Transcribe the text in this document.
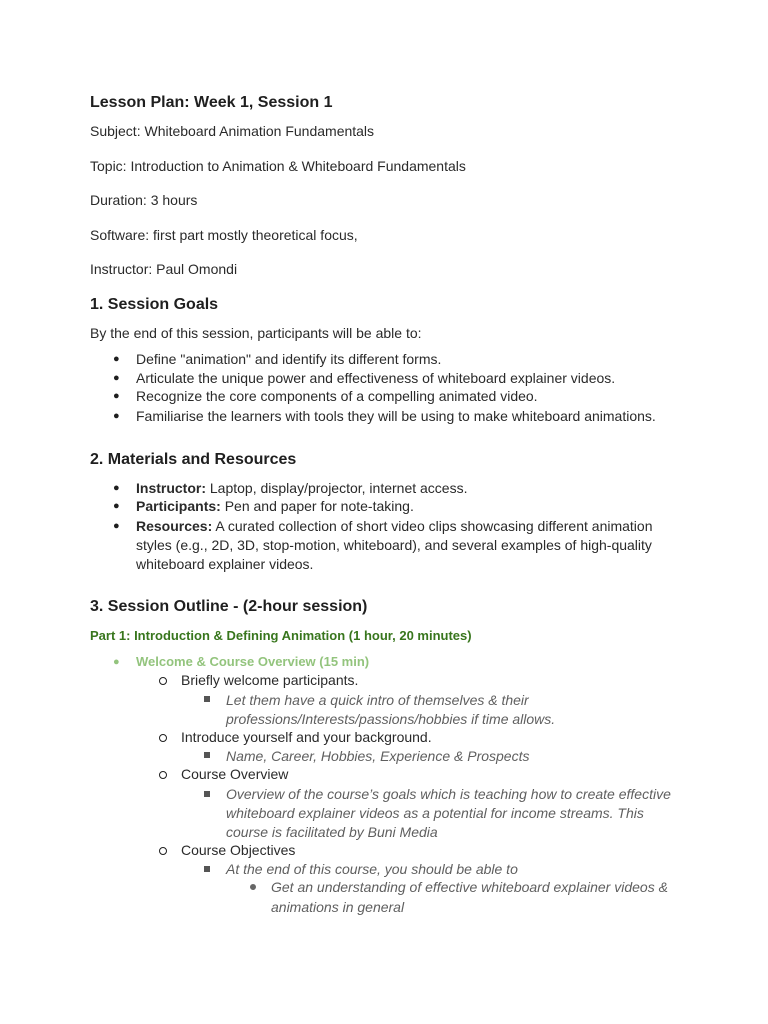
Lesson Plan: Week 1, Session 1
Subject: Whiteboard Animation Fundamentals
Topic: Introduction to Animation & Whiteboard Fundamentals
Duration: 3 hours
Software: first part mostly theoretical focus,
Instructor: Paul Omondi
1. Session Goals
By the end of this session, participants will be able to:
● Define "animation" and identify its different forms.
● Articulate the unique power and effectiveness of whiteboard explainer videos.
● Recognize the core components of a compelling animated video.
● Familiarise the learners with tools they will be using to make whiteboard animations.
2. Materials and Resources
● Instructor: Laptop, display/projector, internet access.
● Participants: Pen and paper for note-taking.
● Resources: A curated collection of short video clips showcasing different animation
styles (e.g., 2D, 3D, stop-motion, whiteboard), and several examples of high-quality
whiteboard explainer videos.
3. Session Outline - (2-hour session)
Part 1: Introduction & Defining Animation (1 hour, 20 minutes)
● Welcome & Course Overview (15 min)
Briefly welcome participants.
Let them have a quick intro of themselves & their
professions/Interests/passions/hobbies if time allows.
Introduce yourself and your background.
Name, Career, Hobbies, Experience & Prospects
Course Overview
Overview of the course’s goals which is teaching how to create effective
whiteboard explainer videos as a potential for income streams. This
course is facilitated by Buni Media
Course Objectives
At the end of this course, you should be able to
Get an understanding of effective whiteboard explainer videos &
animations in general
